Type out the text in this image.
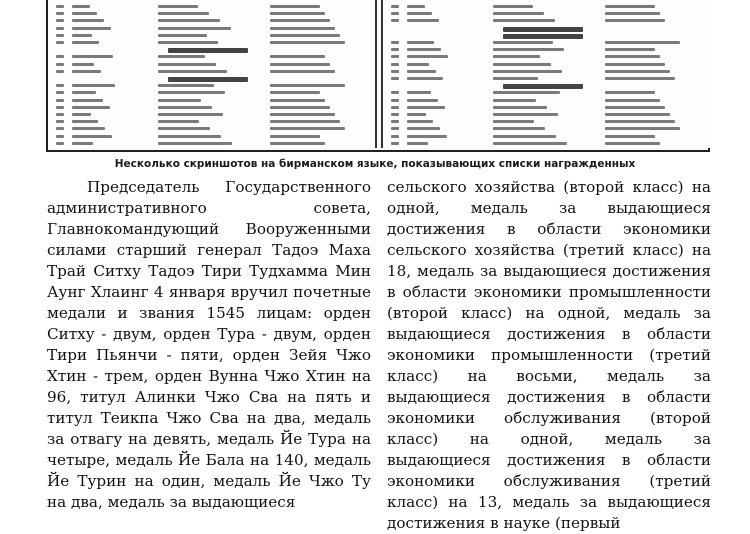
Несколько скриншотов на бирманском языке, показывающих списки награжденных

Председатель Государственного административного совета, Главнокомандующий Вооруженными силами старший генерал Тадоэ Маха Трай Ситху Тадоэ Тири Тудхамма Мин Аунг Хлаинг 4 января вручил почетные медали и звания 1545 лицам: орден Ситху - двум, орден Тура - двум, орден Тири Пьянчи - пяти, орден Зейя Чжо Хтин - трем, орден Вунна Чжо Хтин на 96, титул Алинки Чжо Сва на пять и титул Теикпа Чжо Сва на два, медаль за отвагу на девять, медаль Йе Тура на четыре, медаль Йе Бала на 140, медаль Йе Турин на один, медаль Йе Чжо Ту на два, медаль за выдающиеся

сельского хозяйства (второй класс) на одной, медаль за выдающиеся достижения в области экономики сельского хозяйства (третий класс) на 18, медаль за выдающиеся достижения в области экономики промышленности (второй класс) на одной, медаль за выдающиеся достижения в области экономики промышленности (третий класс) на восьми, медаль за выдающиеся достижения в области экономики обслуживания (второй класс) на одной, медаль за выдающиеся достижения в области экономики обслуживания (третий класс) на 13, медаль за выдающиеся достижения в науке (первый
